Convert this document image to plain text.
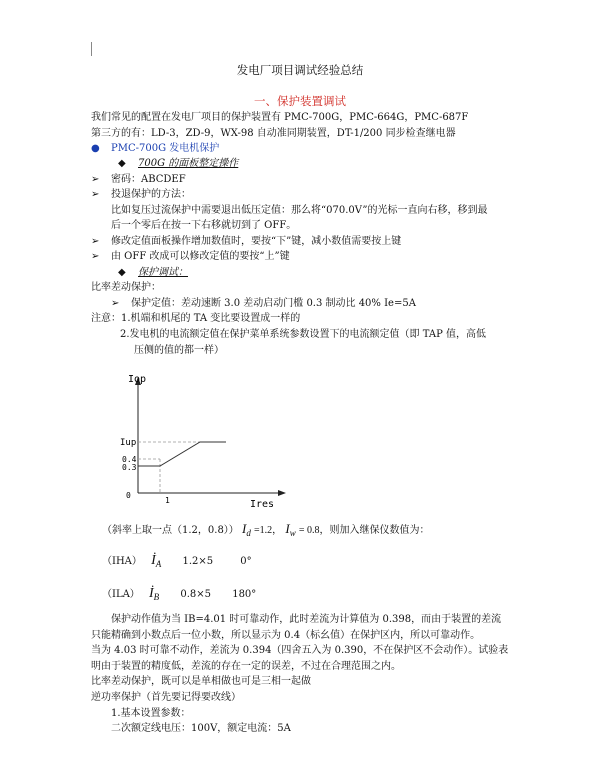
发电厂项目调试经验总结
一、保护装置调试
我们常见的配置在发电厂项目的保护装置有 PMC-700G，PMC-664G，PMC-687F
第三方的有：LD-3，ZD-9，WX-98 自动准同期装置，DT-1/200 同步检查继电器
● PMC-700G 发电机保护
◆ 700G 的面板整定操作
➢ 密码：ABCDEF
➢ 投退保护的方法：
比如复压过流保护中需要退出低压定值：那么将“070.0V”的光标一直向右移，移到最
后一个零后在按一下右移就切到了 OFF。
➢ 修改定值面板操作增加数值时，要按“下”键，减小数值需要按上键
➢ 由 OFF 改成可以修改定值的要按“上”键
◆ 保护调试：
比率差动保护：
➢ 保护定值：差动速断 3.0 差动启动门槛 0.3 制动比 40% Ie=5A
注意：1.机端和机尾的 TA 变比要设置成一样的
2.发电机的电流额定值在保护菜单系统参数设置下的电流额定值（即 TAP 值，高低
压侧的值的都一样）
Iop
Ires
Iup
0.4
0.3
0
1
（斜率上取一点（1.2，0.8）） $I_d =1.2$， $I_w = 0.8$，则加入继保仪数值为：
（IHA） $İ_A$ 1.2×5	0°
（ILA） $İ_B$ 0.8×5 180°
保护动作值为当 IB=4.01 时可靠动作，此时差流为计算值为 0.398，而由于装置的差流
只能精确到小数点后一位小数，所以显示为 0.4（标幺值）在保护区内，所以可靠动作。
当为 4.03 时可靠不动作，差流为 0.394（四舍五入为 0.390，不在保护区不会动作）。试验表
明由于装置的精度低，差流的存在一定的误差，不过在合理范围之内。
比率差动保护，既可以是单相做也可是三相一起做
逆功率保护（首先要记得要改线）
1.基本设置参数：
二次额定线电压：100V，额定电流：5A
